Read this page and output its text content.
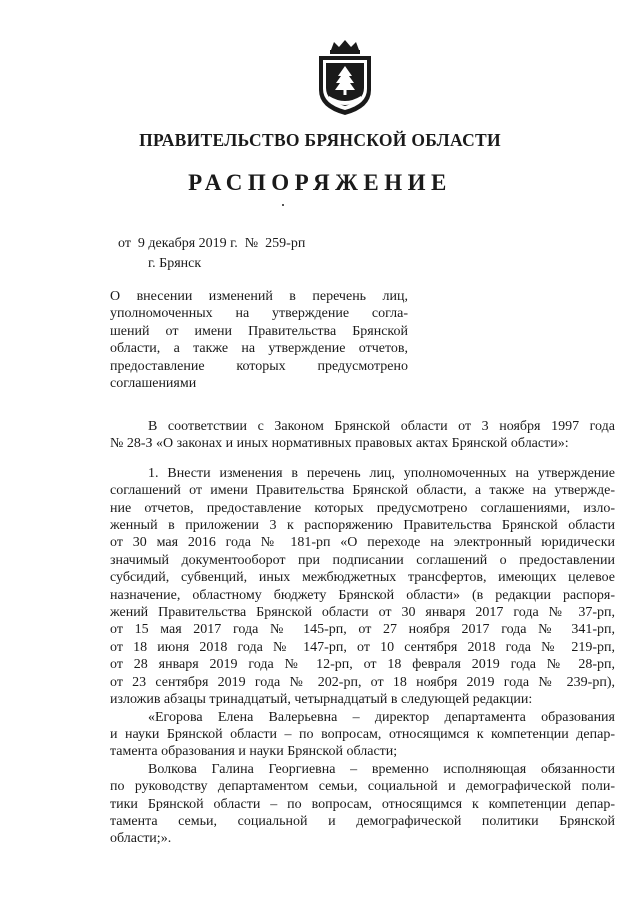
ПРАВИТЕЛЬСТВО БРЯНСКОЙ ОБЛАСТИ
РАСПОРЯЖЕНИЕ
от  9 декабря 2019 г.  №  259-рп
г. Брянск
О внесении изменений в перечень лиц,
уполномоченных на утверждение согла-
шений от имени Правительства Брянской
области, а также на утверждение отчетов,
предоставление которых предусмотрено
соглашениями
В соответствии с Законом Брянской области от 3 ноября 1997 года
№ 28-З «О законах и иных нормативных правовых актах Брянской области»:
1. Внести изменения в перечень лиц, уполномоченных на утверждение
соглашений от имени Правительства Брянской области, а также на утвержде-
ние отчетов, предоставление которых предусмотрено соглашениями, изло-
женный в приложении 3 к распоряжению Правительства Брянской области
от 30 мая 2016 года № 181-рп «О переходе на электронный юридически
значимый документооборот при подписании соглашений о предоставлении
субсидий, субвенций, иных межбюджетных трансфертов, имеющих целевое
назначение, областному бюджету Брянской области» (в редакции распоря-
жений Правительства Брянской области от 30 января 2017 года № 37-рп,
от 15 мая 2017 года № 145-рп, от 27 ноября 2017 года № 341-рп,
от 18 июня 2018 года № 147-рп, от 10 сентября 2018 года № 219-рп,
от 28 января 2019 года № 12-рп, от 18 февраля 2019 года № 28-рп,
от 23 сентября 2019 года № 202-рп, от 18 ноября 2019 года № 239-рп),
изложив абзацы тринадцатый, четырнадцатый в следующей редакции:
«Егорова Елена Валерьевна – директор департамента образования
и науки Брянской области – по вопросам, относящимся к компетенции депар-
тамента образования и науки Брянской области;
Волкова Галина Георгиевна – временно исполняющая обязанности
по руководству департаментом семьи, социальной и демографической поли-
тики Брянской области – по вопросам, относящимся к компетенции депар-
тамента семьи, социальной и демографической политики Брянской
области;».
